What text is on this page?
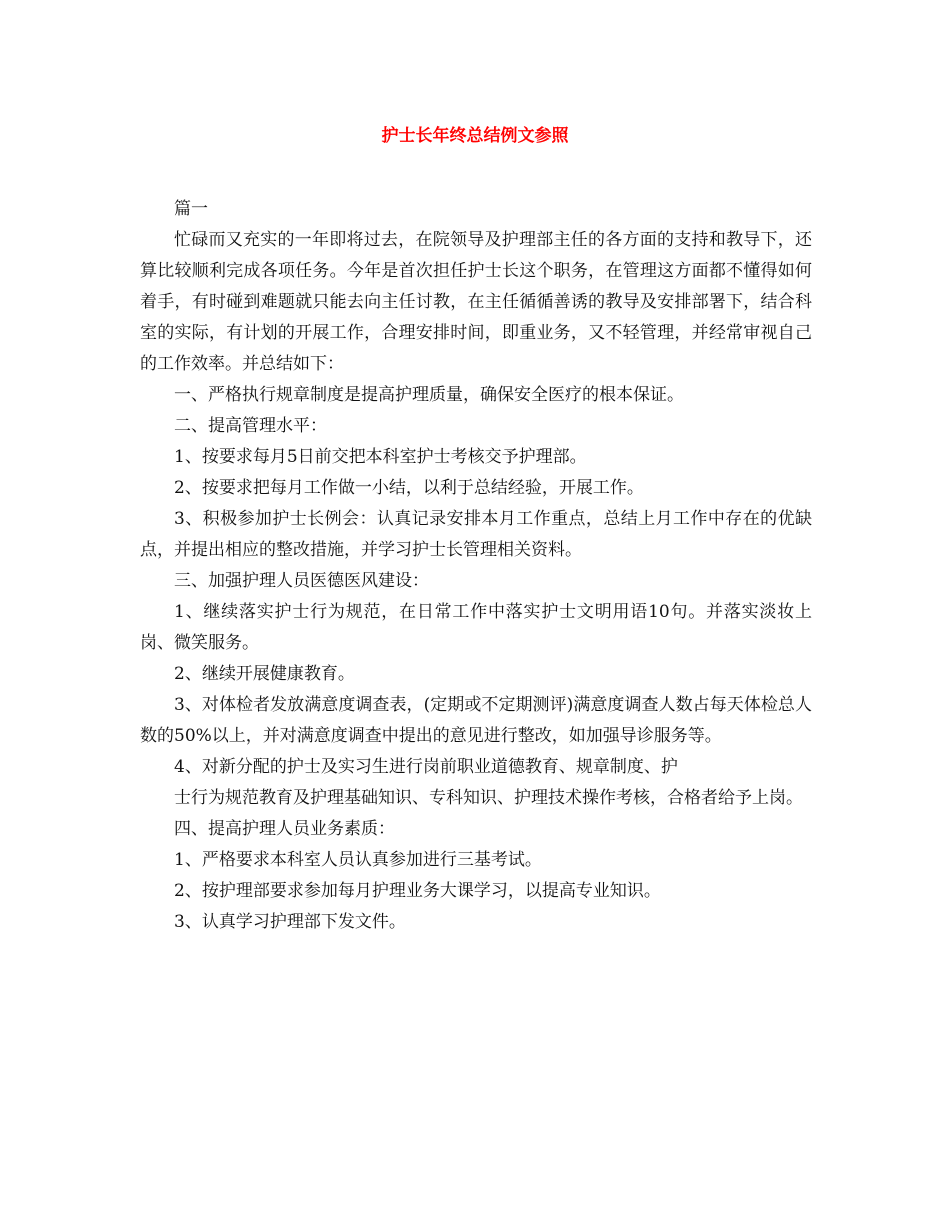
护士长年终总结例文参照

篇一

忙碌而又充实的一年即将过去，在院领导及护理部主任的各方面的支持和教导下，还算比较顺利完成各项任务。今年是首次担任护士长这个职务，在管理这方面都不懂得如何着手，有时碰到难题就只能去向主任讨教，在主任循循善诱的教导及安排部署下，结合科室的实际，有计划的开展工作，合理安排时间，即重业务，又不轻管理，并经常审视自己的工作效率。并总结如下：

一、严格执行规章制度是提高护理质量，确保安全医疗的根本保证。

二、提高管理水平：

1、按要求每月5日前交把本科室护士考核交予护理部。

2、按要求把每月工作做一小结，以利于总结经验，开展工作。

3、积极参加护士长例会：认真记录安排本月工作重点，总结上月工作中存在的优缺点，并提出相应的整改措施，并学习护士长管理相关资料。

三、加强护理人员医德医风建设：

1、继续落实护士行为规范，在日常工作中落实护士文明用语10句。并落实淡妆上岗、微笑服务。

2、继续开展健康教育。

3、对体检者发放满意度调查表，(定期或不定期测评)满意度调查人数占每天体检总人数的50%以上，并对满意度调查中提出的意见进行整改，如加强导诊服务等。

4、对新分配的护士及实习生进行岗前职业道德教育、规章制度、护

士行为规范教育及护理基础知识、专科知识、护理技术操作考核，合格者给予上岗。

四、提高护理人员业务素质：

1、严格要求本科室人员认真参加进行三基考试。

2、按护理部要求参加每月护理业务大课学习，以提高专业知识。

3、认真学习护理部下发文件。
